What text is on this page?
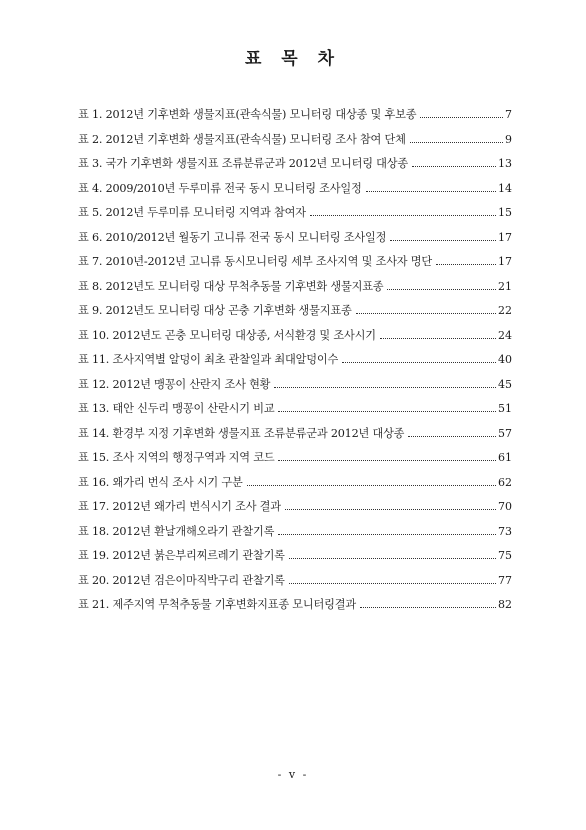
표 목 차
표 1. 2012년 기후변화 생물지표(관속식물) 모니터링 대상종 및 후보종	7
표 2. 2012년 기후변화 생물지표(관속식물) 모니터링 조사 참여 단체	9
표 3. 국가 기후변화 생물지표 조류분류군과 2012년 모니터링 대상종	13
표 4. 2009/2010년 두루미류 전국 동시 모니터링 조사일정	14
표 5. 2012년 두루미류 모니터링 지역과 참여자	15
표 6. 2010/2012년 월동기 고니류 전국 동시 모니터링 조사일정	17
표 7. 2010년-2012년 고니류 동시모니터링 세부 조사지역 및 조사자 명단	17
표 8. 2012년도 모니터링 대상 무척추동물 기후변화 생물지표종	21
표 9. 2012년도 모니터링 대상 곤충 기후변화 생물지표종	22
표 10. 2012년도 곤충 모니터링 대상종, 서식환경 및 조사시기	24
표 11. 조사지역별 알덩이 최초 관찰일과 최대알덩이수	40
표 12. 2012년 맹꽁이 산란지 조사 현황	45
표 13. 태안 신두리 맹꽁이 산란시기 비교	51
표 14. 환경부 지정 기후변화 생물지표 조류분류군과 2012년 대상종	57
표 15. 조사 지역의 행정구역과 지역 코드	61
표 16. 왜가리 번식 조사 시기 구분	62
표 17. 2012년 왜가리 번식시기 조사 결과	70
표 18. 2012년 환날개해오라기 관찰기록	73
표 19. 2012년 붉은부리찌르레기 관찰기록	75
표 20. 2012년 검은이마직박구리 관찰기록	77
표 21. 제주지역 무척추동물 기후변화지표종 모니터링결과	82
- v -
